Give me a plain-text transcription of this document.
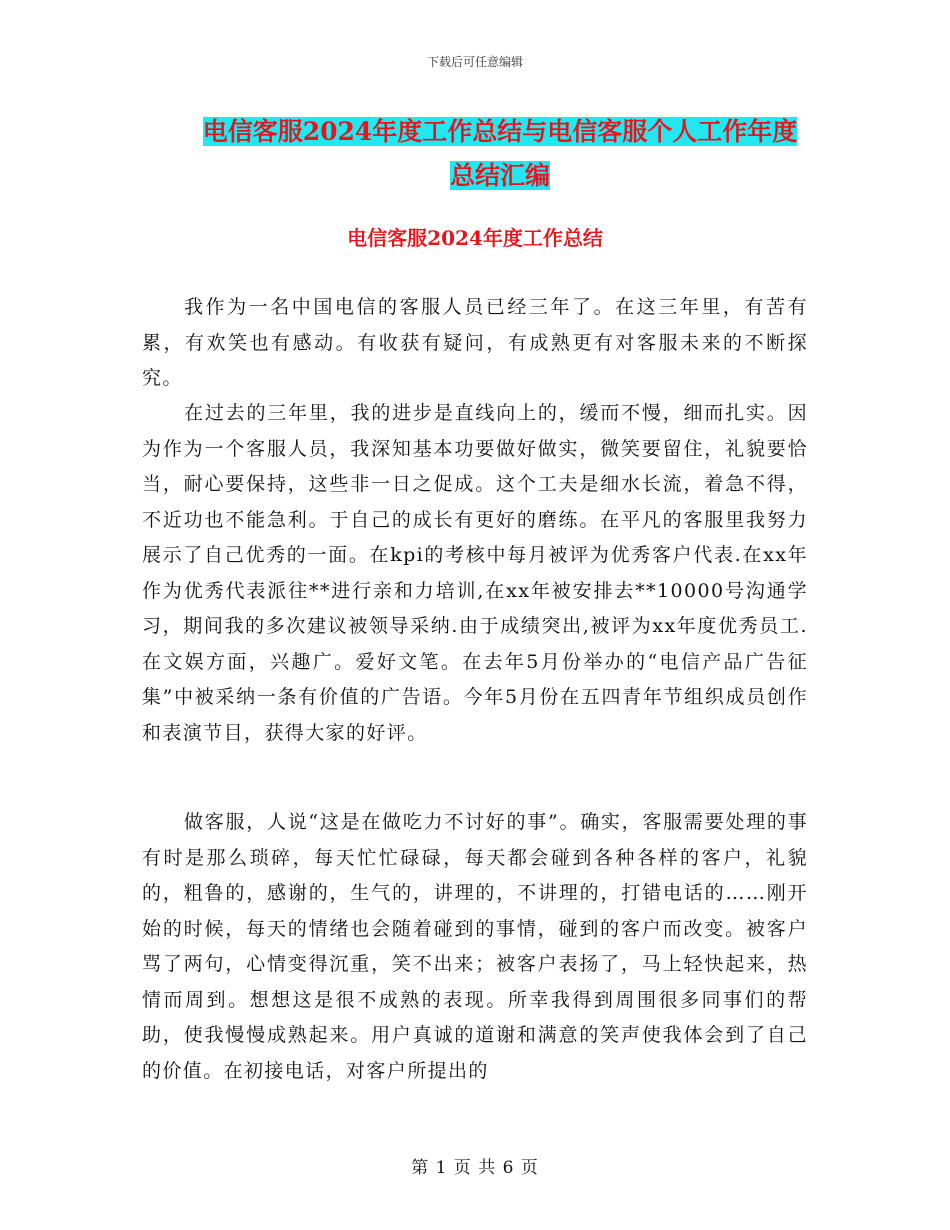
下载后可任意编辑
电信客服2024年度工作总结与电信客服个人工作年度
总结汇编
电信客服2024年度工作总结

我作为一名中国电信的客服人员已经三年了。在这三年里，有苦有累，有欢笑也有感动。有收获有疑问，有成熟更有对客服未来的不断探究。

在过去的三年里，我的进步是直线向上的，缓而不慢，细而扎实。因为作为一个客服人员，我深知基本功要做好做实，微笑要留住，礼貌要恰当，耐心要保持，这些非一日之促成。这个工夫是细水长流，着急不得，不近功也不能急利。于自己的成长有更好的磨练。在平凡的客服里我努力展示了自己优秀的一面。在kpi的考核中每月被评为优秀客户代表.在xx年作为优秀代表派往**进行亲和力培训,在xx年被安排去**10000号沟通学习，期间我的多次建议被领导采纳.由于成绩突出,被评为xx年度优秀员工.在文娱方面，兴趣广。爱好文笔。在去年5月份举办的“电信产品广告征集”中被采纳一条有价值的广告语。今年5月份在五四青年节组织成员创作和表演节目，获得大家的好评。

做客服，人说“这是在做吃力不讨好的事”。确实，客服需要处理的事有时是那么琐碎，每天忙忙碌碌，每天都会碰到各种各样的客户，礼貌的，粗鲁的，感谢的，生气的，讲理的，不讲理的，打错电话的……刚开始的时候，每天的情绪也会随着碰到的事情，碰到的客户而改变。被客户骂了两句，心情变得沉重，笑不出来；被客户表扬了，马上轻快起来，热情而周到。想想这是很不成熟的表现。所幸我得到周围很多同事们的帮助，使我慢慢成熟起来。用户真诚的道谢和满意的笑声使我体会到了自己的价值。在初接电话，对客户所提出的

第 1 页 共 6 页
